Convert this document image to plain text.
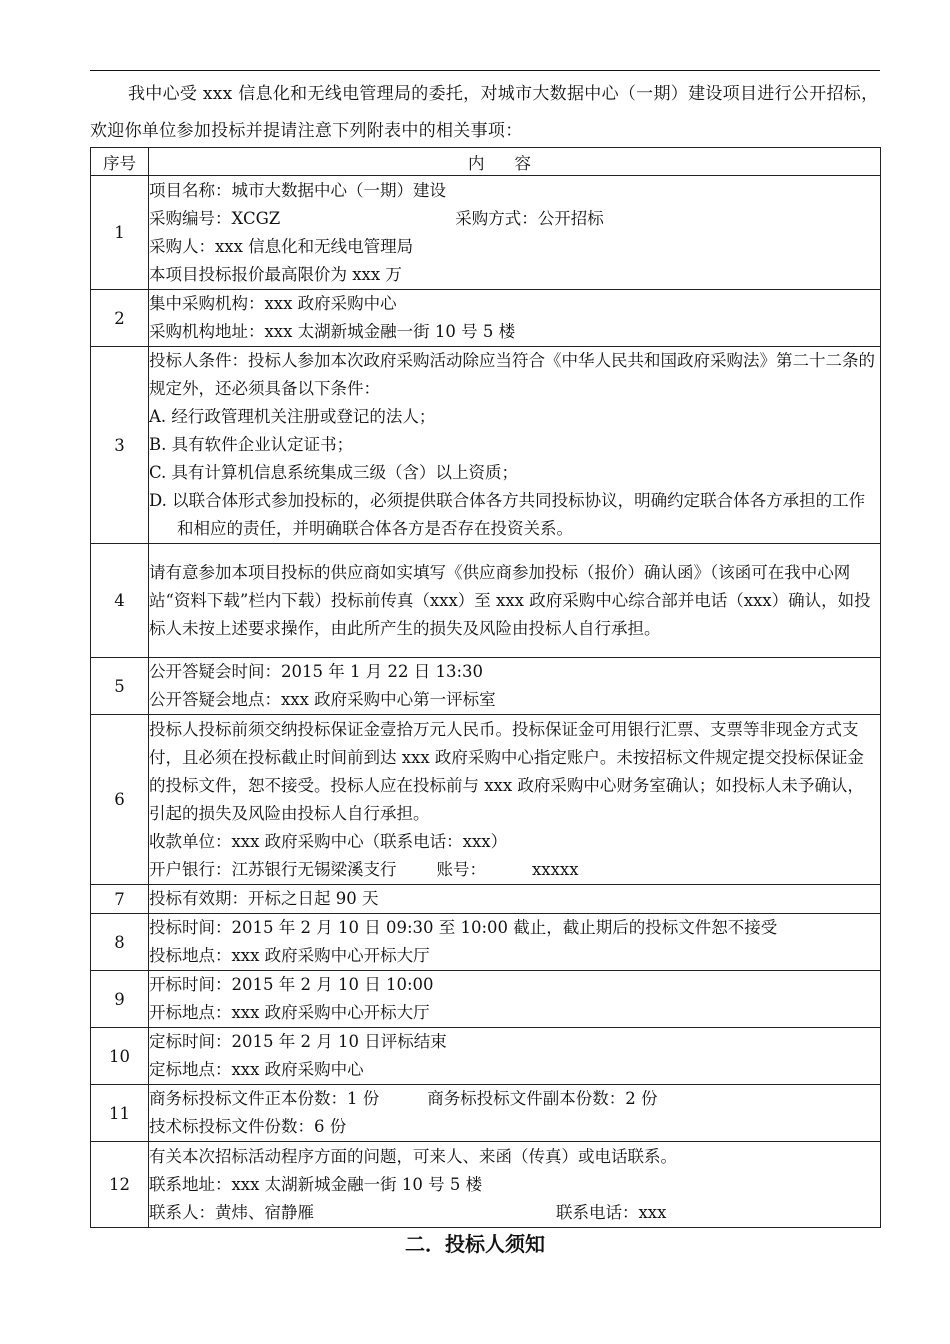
我中心受 xxx 信息化和无线电管理局的委托，对城市大数据中心（一期）建设项目进行公开招标，欢迎你单位参加投标并提请注意下列附表中的相关事项：
序号	内容
1	项目名称：城市大数据中心（一期）建设
采购编号：XCGZ 采购方式：公开招标
采购人：xxx 信息化和无线电管理局
本项目投标报价最高限价为 xxx 万

2	集中采购机构：xxx 政府采购中心
采购机构地址：xxx 太湖新城金融一街 10 号 5 楼

3	投标人条件：投标人参加本次政府采购活动除应当符合《中华人民共和国政府采购法》第二十二条的规定外，还必须具备以下条件：
A. 经行政管理机关注册或登记的法人；
B. 具有软件企业认定证书；
C. 具有计算机信息系统集成三级（含）以上资质；
D. 以联合体形式参加投标的，必须提供联合体各方共同投标协议，明确约定联合体各方承担的工作和相应的责任，并明确联合体各方是否存在投资关系。

4	请有意参加本项目投标的供应商如实填写《供应商参加投标（报价）确认函》（该函可在我中心网站“资料下载”栏内下载）投标前传真（xxx）至 xxx 政府采购中心综合部并电话（xxx）确认，如投标人未按上述要求操作，由此所产生的损失及风险由投标人自行承担。

5	公开答疑会时间：2015 年 1 月 22 日 13:30
公开答疑会地点：xxx 政府采购中心第一评标室

6	投标人投标前须交纳投标保证金壹拾万元人民币。投标保证金可用银行汇票、支票等非现金方式支付，且必须在投标截止时间前到达 xxx 政府采购中心指定账户。未按招标文件规定提交投标保证金的投标文件，恕不接受。投标人应在投标前与 xxx 政府采购中心财务室确认；如投标人未予确认，引起的损失及风险由投标人自行承担。
收款单位：xxx 政府采购中心（联系电话：xxx）
开户银行：江苏银行无锡梁溪支行 账号： xxxxx

7	投标有效期：开标之日起 90 天

8	投标时间：2015 年 2 月 10 日 09:30 至 10:00 截止，截止期后的投标文件恕不接受
投标地点：xxx 政府采购中心开标大厅

9	开标时间：2015 年 2 月 10 日 10:00
开标地点：xxx 政府采购中心开标大厅

10	定标时间：2015 年 2 月 10 日评标结束
定标地点：xxx 政府采购中心

11	商务标投标文件正本份数：1 份 商务标投标文件副本份数：2 份
技术标投标文件份数：6 份

12	有关本次招标活动程序方面的问题，可来人、来函（传真）或电话联系。
联系地址：xxx 太湖新城金融一街 10 号 5 楼
联系人：黄炜、宿静雁 联系电话：xxx
二．投标人须知
